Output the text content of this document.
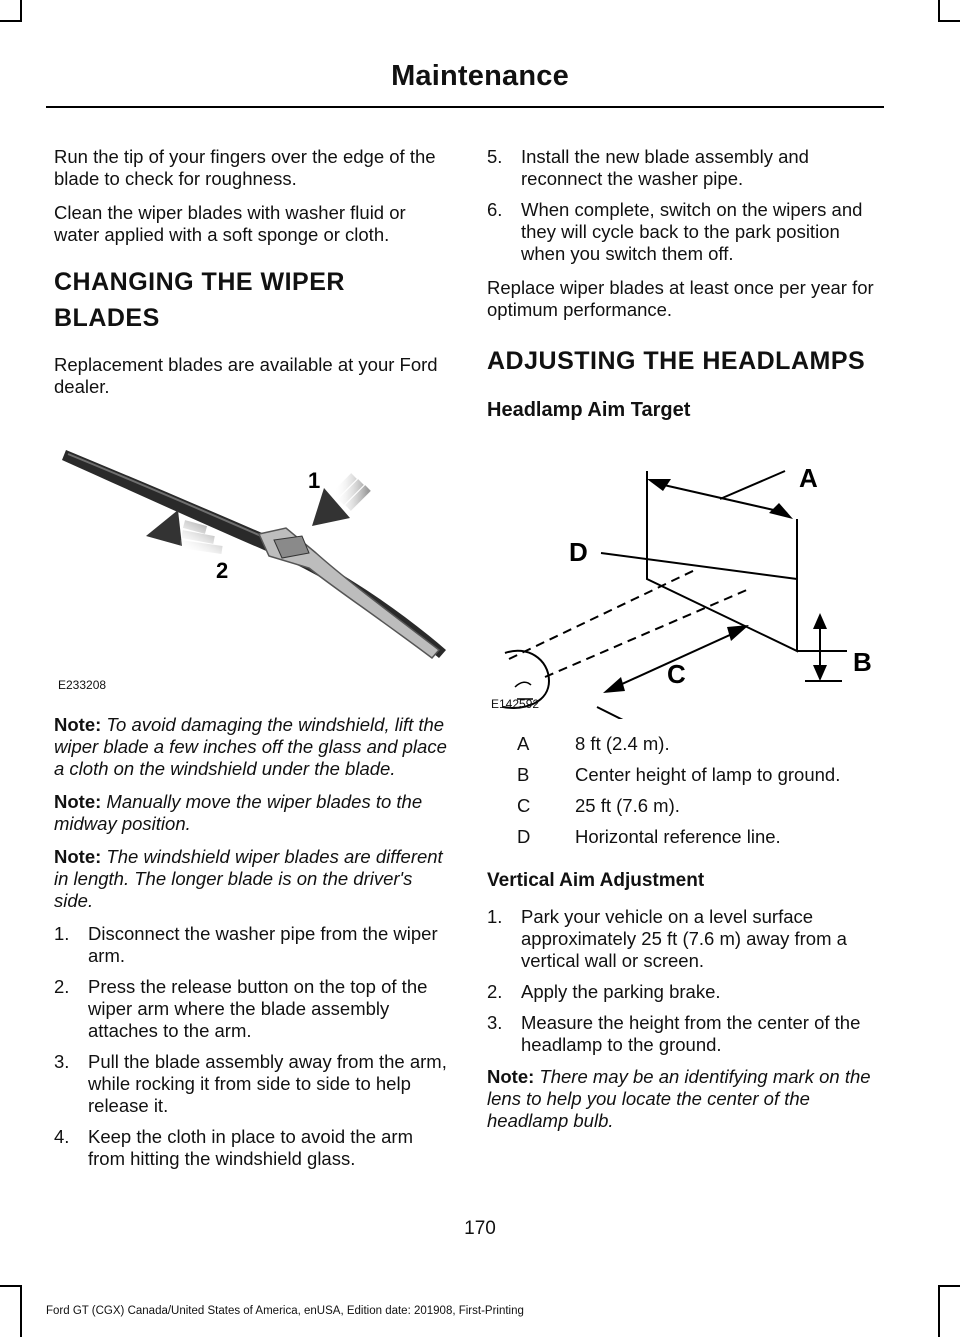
Maintenance

Run the tip of your fingers over the edge of the blade to check for roughness.

Clean the wiper blades with washer fluid or water applied with a soft sponge or cloth.

CHANGING THE WIPER
BLADES

Replacement blades are available at your Ford dealer.

1
2
E233208

Note: To avoid damaging the windshield, lift the wiper blade a few inches off the glass and place a cloth on the windshield under the blade.

Note: Manually move the wiper blades to the midway position.

Note: The windshield wiper blades are different in length. The longer blade is on the driver's side.

1. Disconnect the washer pipe from the wiper arm.
2. Press the release button on the top of the wiper arm where the blade assembly attaches to the arm.
3. Pull the blade assembly away from the arm, while rocking it from side to side to help release it.
4. Keep the cloth in place to avoid the arm from hitting the windshield glass.
5. Install the new blade assembly and reconnect the washer pipe.
6. When complete, switch on the wipers and they will cycle back to the park position when you switch them off.

Replace wiper blades at least once per year for optimum performance.

ADJUSTING THE HEADLAMPS
Headlamp Aim Target
A
D
B
C
E142592
A	8 ft (2.4 m).
B	Center height of lamp to ground.
C	25 ft (7.6 m).
D	Horizontal reference line.
Vertical Aim Adjustment
1. Park your vehicle on a level surface approximately 25 ft (7.6 m) away from a vertical wall or screen.
2. Apply the parking brake.
3. Measure the height from the center of the headlamp to the ground.

Note: There may be an identifying mark on the lens to help you locate the center of the headlamp bulb.

170
Ford GT (CGX) Canada/United States of America, enUSA, Edition date: 201908, First-Printing
